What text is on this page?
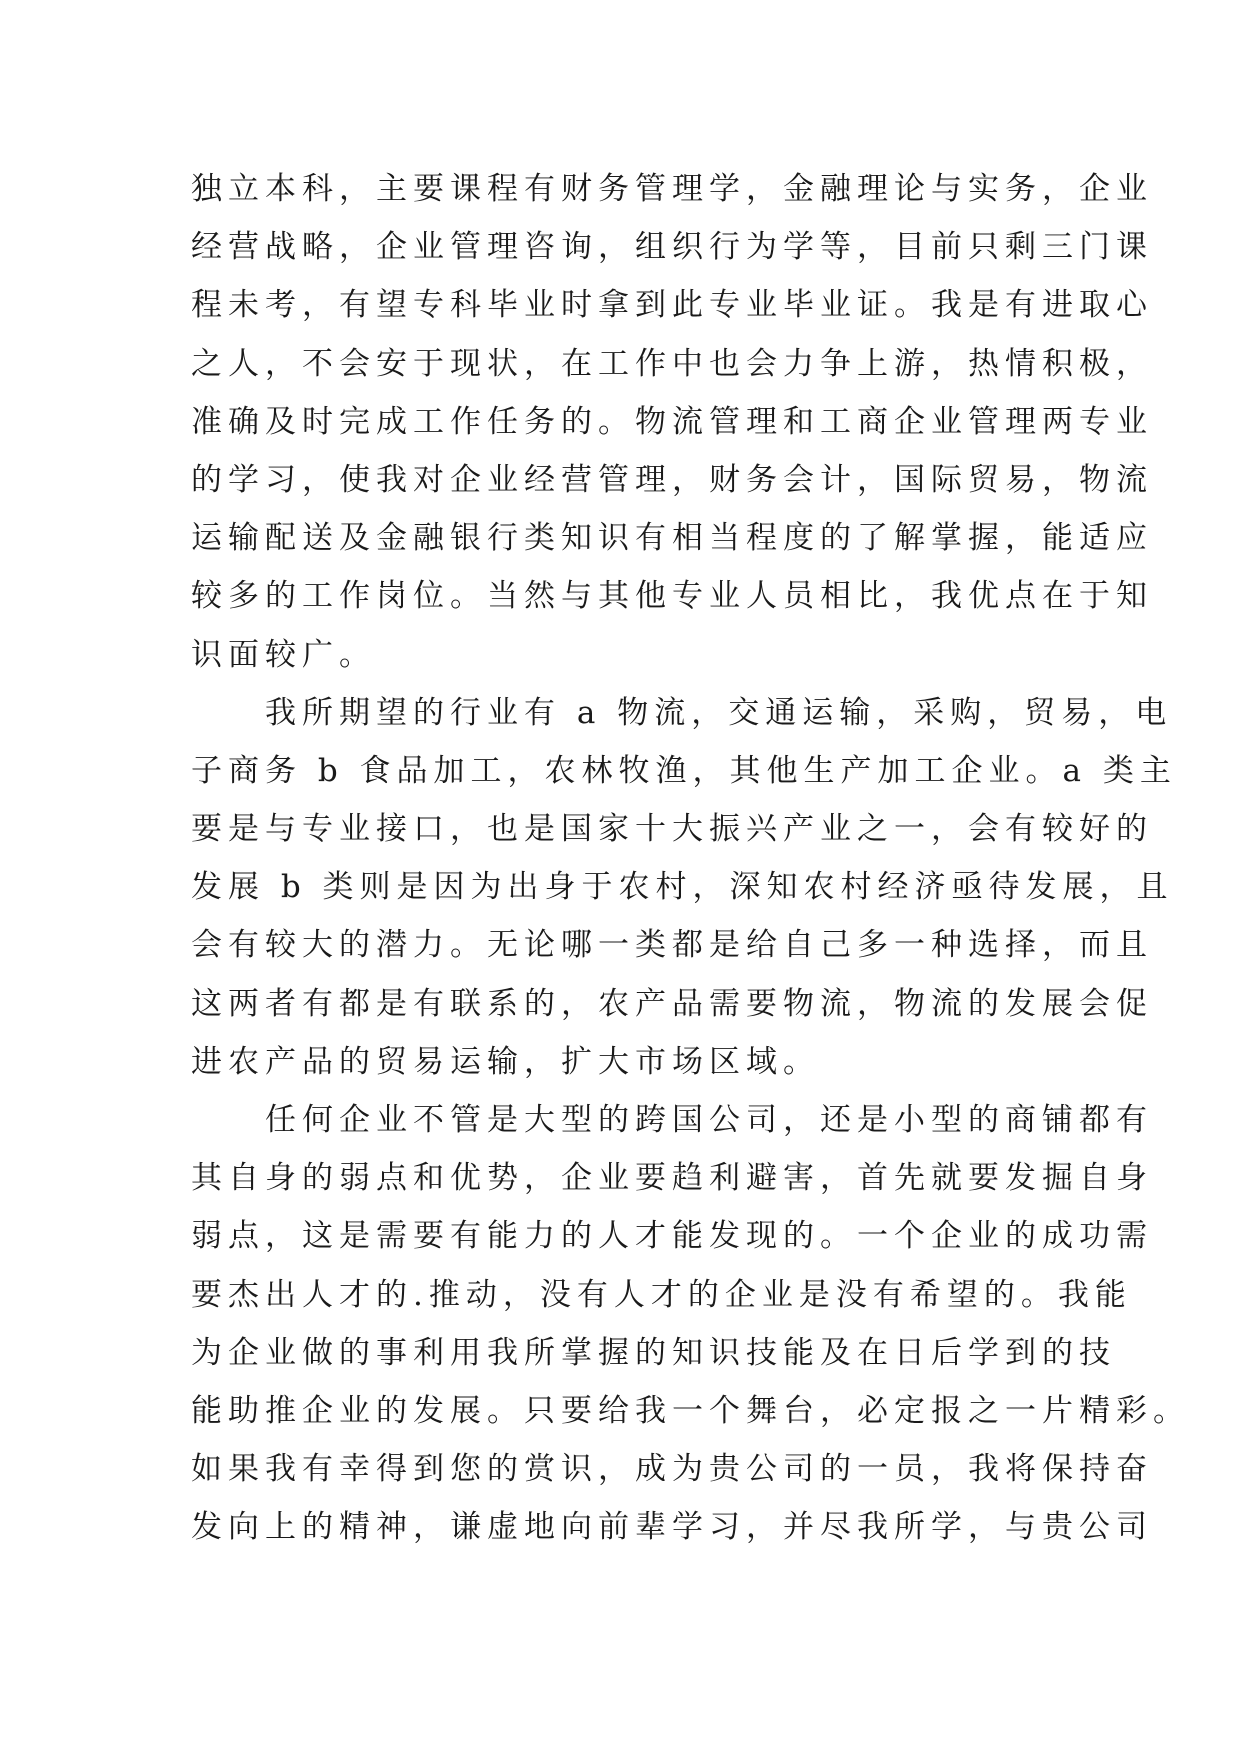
独立本科，主要课程有财务管理学，金融理论与实务，企业
经营战略，企业管理咨询，组织行为学等，目前只剩三门课
程未考，有望专科毕业时拿到此专业毕业证。我是有进取心
之人，不会安于现状，在工作中也会力争上游，热情积极，
准确及时完成工作任务的。物流管理和工商企业管理两专业
的学习，使我对企业经营管理，财务会计，国际贸易，物流
运输配送及金融银行类知识有相当程度的了解掌握，能适应
较多的工作岗位。当然与其他专业人员相比，我优点在于知
识面较广。
我所期望的行业有 a 物流，交通运输，采购，贸易，电
子商务 b 食品加工，农林牧渔，其他生产加工企业。a 类主
要是与专业接口，也是国家十大振兴产业之一，会有较好的
发展 b 类则是因为出身于农村，深知农村经济亟待发展，且
会有较大的潜力。无论哪一类都是给自己多一种选择，而且
这两者有都是有联系的，农产品需要物流，物流的发展会促
进农产品的贸易运输，扩大市场区域。
任何企业不管是大型的跨国公司，还是小型的商铺都有
其自身的弱点和优势，企业要趋利避害，首先就要发掘自身
弱点，这是需要有能力的人才能发现的。一个企业的成功需
要杰出人才的.推动，没有人才的企业是没有希望的。我能
为企业做的事利用我所掌握的知识技能及在日后学到的技
能助推企业的发展。只要给我一个舞台，必定报之一片精彩。
如果我有幸得到您的赏识，成为贵公司的一员，我将保持奋
发向上的精神，谦虚地向前辈学习，并尽我所学，与贵公司
